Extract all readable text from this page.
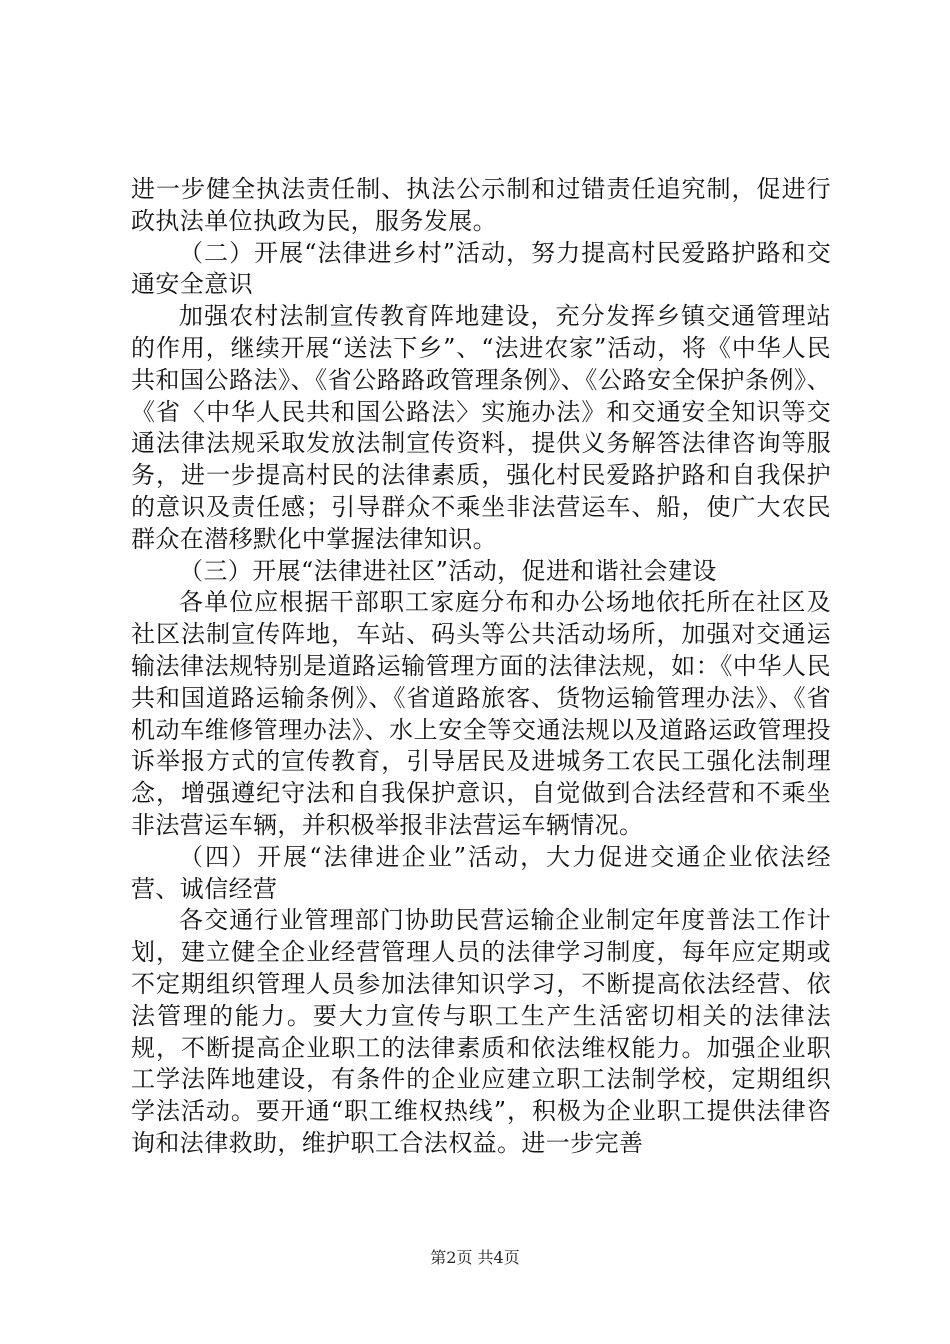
进一步健全执法责任制、执法公示制和过错责任追究制，促进行政执法单位执政为民，服务发展。

（二）开展“法律进乡村”活动，努力提高村民爱路护路和交通安全意识

加强农村法制宣传教育阵地建设，充分发挥乡镇交通管理站的作用，继续开展“送法下乡”、“法进农家”活动，将《中华人民共和国公路法》、《省公路路政管理条例》、《公路安全保护条例》、《省〈中华人民共和国公路法〉实施办法》和交通安全知识等交通法律法规采取发放法制宣传资料，提供义务解答法律咨询等服务，进一步提高村民的法律素质，强化村民爱路护路和自我保护的意识及责任感；引导群众不乘坐非法营运车、船，使广大农民群众在潜移默化中掌握法律知识。

（三）开展“法律进社区”活动，促进和谐社会建设

各单位应根据干部职工家庭分布和办公场地依托所在社区及社区法制宣传阵地，车站、码头等公共活动场所，加强对交通运输法律法规特别是道路运输管理方面的法律法规，如：《中华人民共和国道路运输条例》、《省道路旅客、货物运输管理办法》、《省机动车维修管理办法》、水上安全等交通法规以及道路运政管理投诉举报方式的宣传教育，引导居民及进城务工农民工强化法制理念，增强遵纪守法和自我保护意识，自觉做到合法经营和不乘坐非法营运车辆，并积极举报非法营运车辆情况。

（四）开展“法律进企业”活动，大力促进交通企业依法经营、诚信经营

各交通行业管理部门协助民营运输企业制定年度普法工作计划，建立健全企业经营管理人员的法律学习制度，每年应定期或不定期组织管理人员参加法律知识学习，不断提高依法经营、依法管理的能力。要大力宣传与职工生产生活密切相关的法律法规，不断提高企业职工的法律素质和依法维权能力。加强企业职工学法阵地建设，有条件的企业应建立职工法制学校，定期组织学法活动。要开通“职工维权热线”，积极为企业职工提供法律咨询和法律救助，维护职工合法权益。进一步完善

第2页 共4页
